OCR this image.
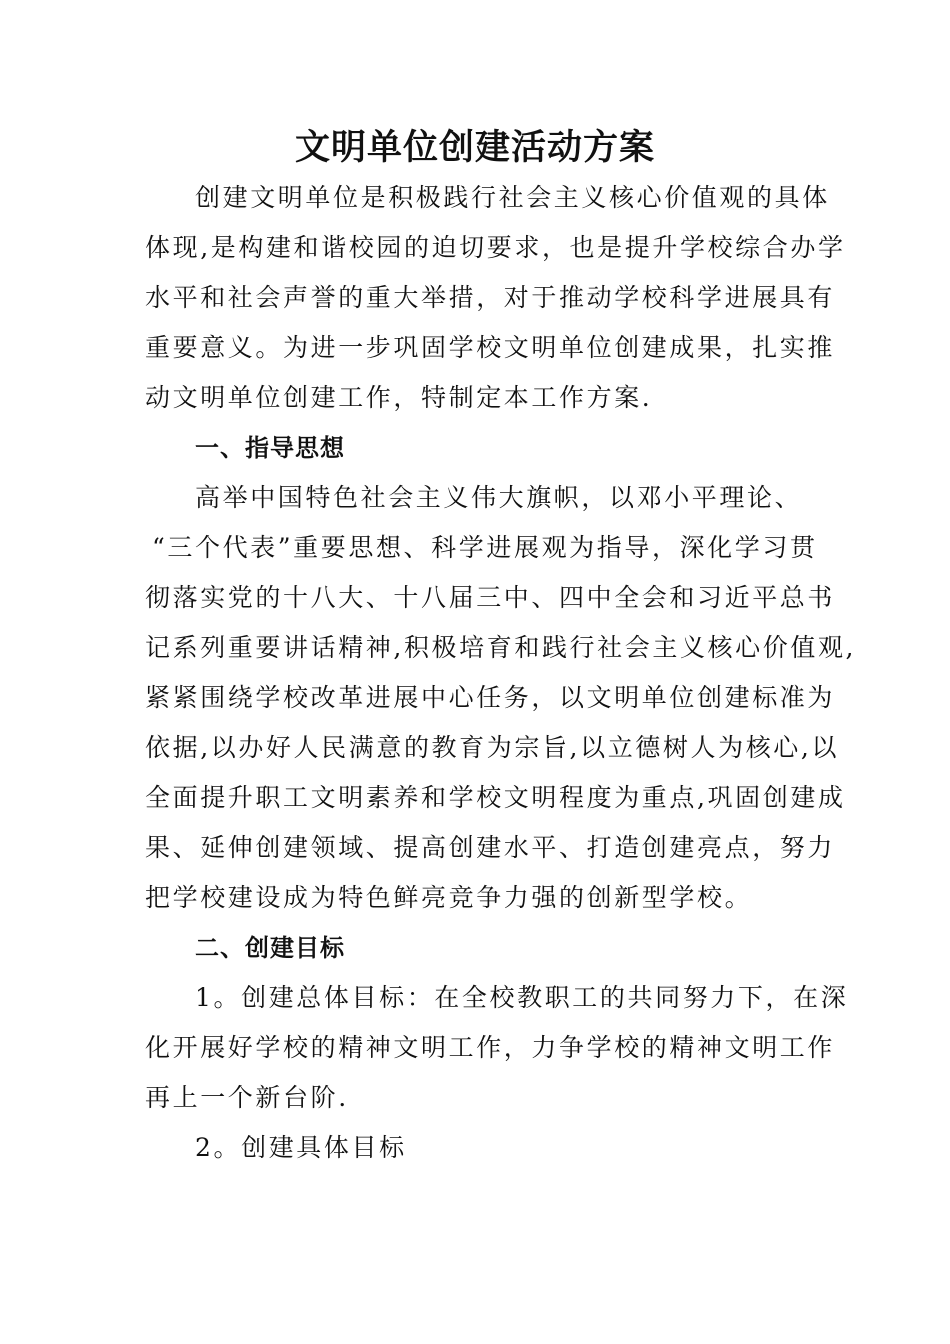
文明单位创建活动方案
创建文明单位是积极践行社会主义核心价值观的具体
体现,是构建和谐校园的迫切要求，也是提升学校综合办学
水平和社会声誉的重大举措，对于推动学校科学进展具有
重要意义。为进一步巩固学校文明单位创建成果，扎实推
动文明单位创建工作，特制定本工作方案.
一、指导思想
高举中国特色社会主义伟大旗帜，以邓小平理论、
“三个代表”重要思想、科学进展观为指导，深化学习贯
彻落实党的十八大、十八届三中、四中全会和习近平总书
记系列重要讲话精神,积极培育和践行社会主义核心价值观,
紧紧围绕学校改革进展中心任务，以文明单位创建标准为
依据,以办好人民满意的教育为宗旨,以立德树人为核心,以
全面提升职工文明素养和学校文明程度为重点,巩固创建成
果、延伸创建领域、提高创建水平、打造创建亮点，努力
把学校建设成为特色鲜亮竞争力强的创新型学校。
二、创建目标
1。创建总体目标：在全校教职工的共同努力下，在深
化开展好学校的精神文明工作，力争学校的精神文明工作
再上一个新台阶.
2。创建具体目标
